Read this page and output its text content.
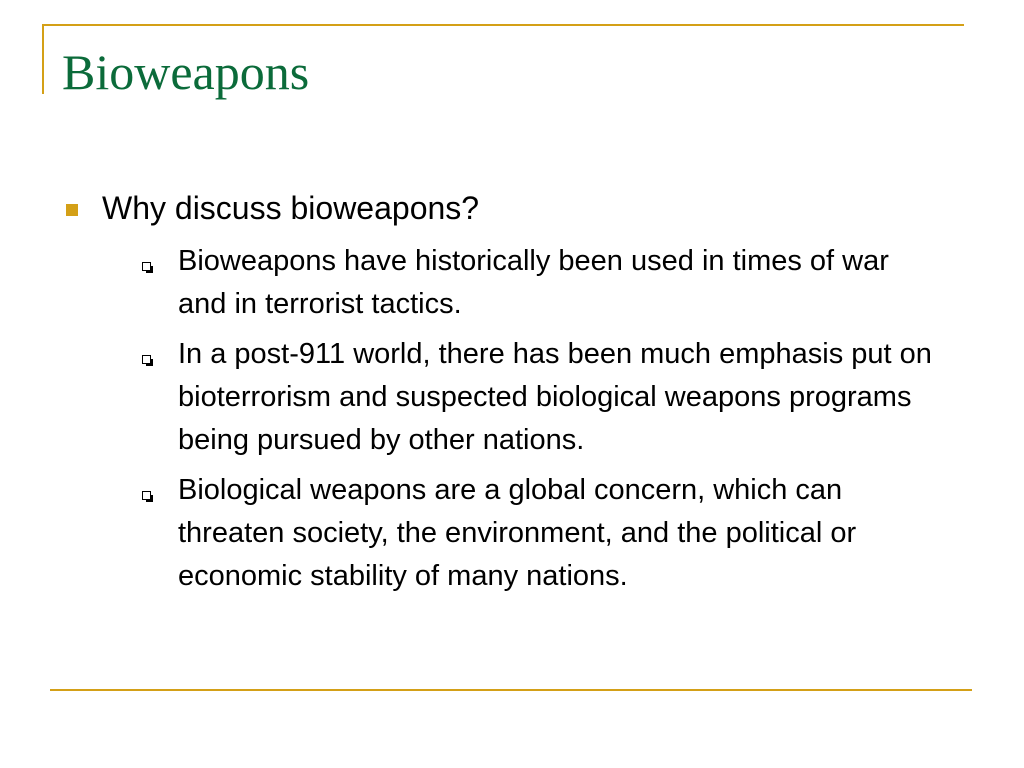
Bioweapons
Why discuss bioweapons?
Bioweapons have historically been used in times of war and in terrorist tactics.
In a post-911 world, there has been much emphasis put on bioterrorism and suspected biological weapons programs being pursued by other nations.
Biological weapons are a global concern, which can threaten society, the environment, and the political or economic stability of many nations.
